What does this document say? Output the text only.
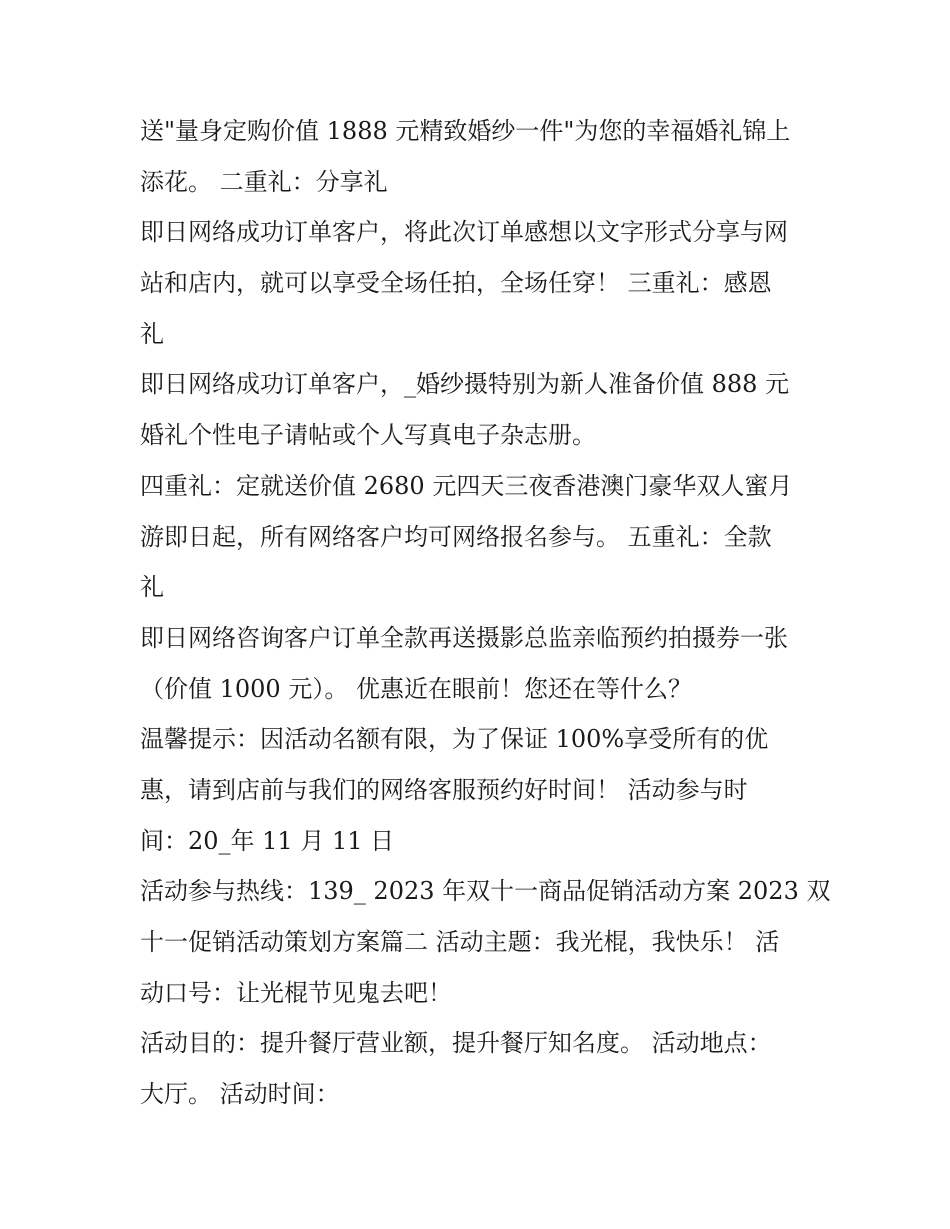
送"量身定购价值 1888 元精致婚纱一件"为您的幸福婚礼锦上
添花。 二重礼：分享礼
即日网络成功订单客户，将此次订单感想以文字形式分享与网
站和店内，就可以享受全场任拍，全场任穿！ 三重礼：感恩
礼
即日网络成功订单客户，_婚纱摄特别为新人准备价值 888 元
婚礼个性电子请帖或个人写真电子杂志册。
四重礼：定就送价值 2680 元四天三夜香港澳门豪华双人蜜月
游即日起，所有网络客户均可网络报名参与。 五重礼：全款
礼
即日网络咨询客户订单全款再送摄影总监亲临预约拍摄券一张
（价值 1000 元）。 优惠近在眼前！您还在等什么？
温馨提示：因活动名额有限，为了保证 100%享受所有的优
惠，请到店前与我们的网络客服预约好时间！ 活动参与时
间：20_年 11 月 11 日
活动参与热线：139_ 2023 年双十一商品促销活动方案 2023 双
十一促销活动策划方案篇二 活动主题：我光棍，我快乐！ 活
动口号：让光棍节见鬼去吧！
活动目的：提升餐厅营业额，提升餐厅知名度。 活动地点：
大厅。 活动时间：
